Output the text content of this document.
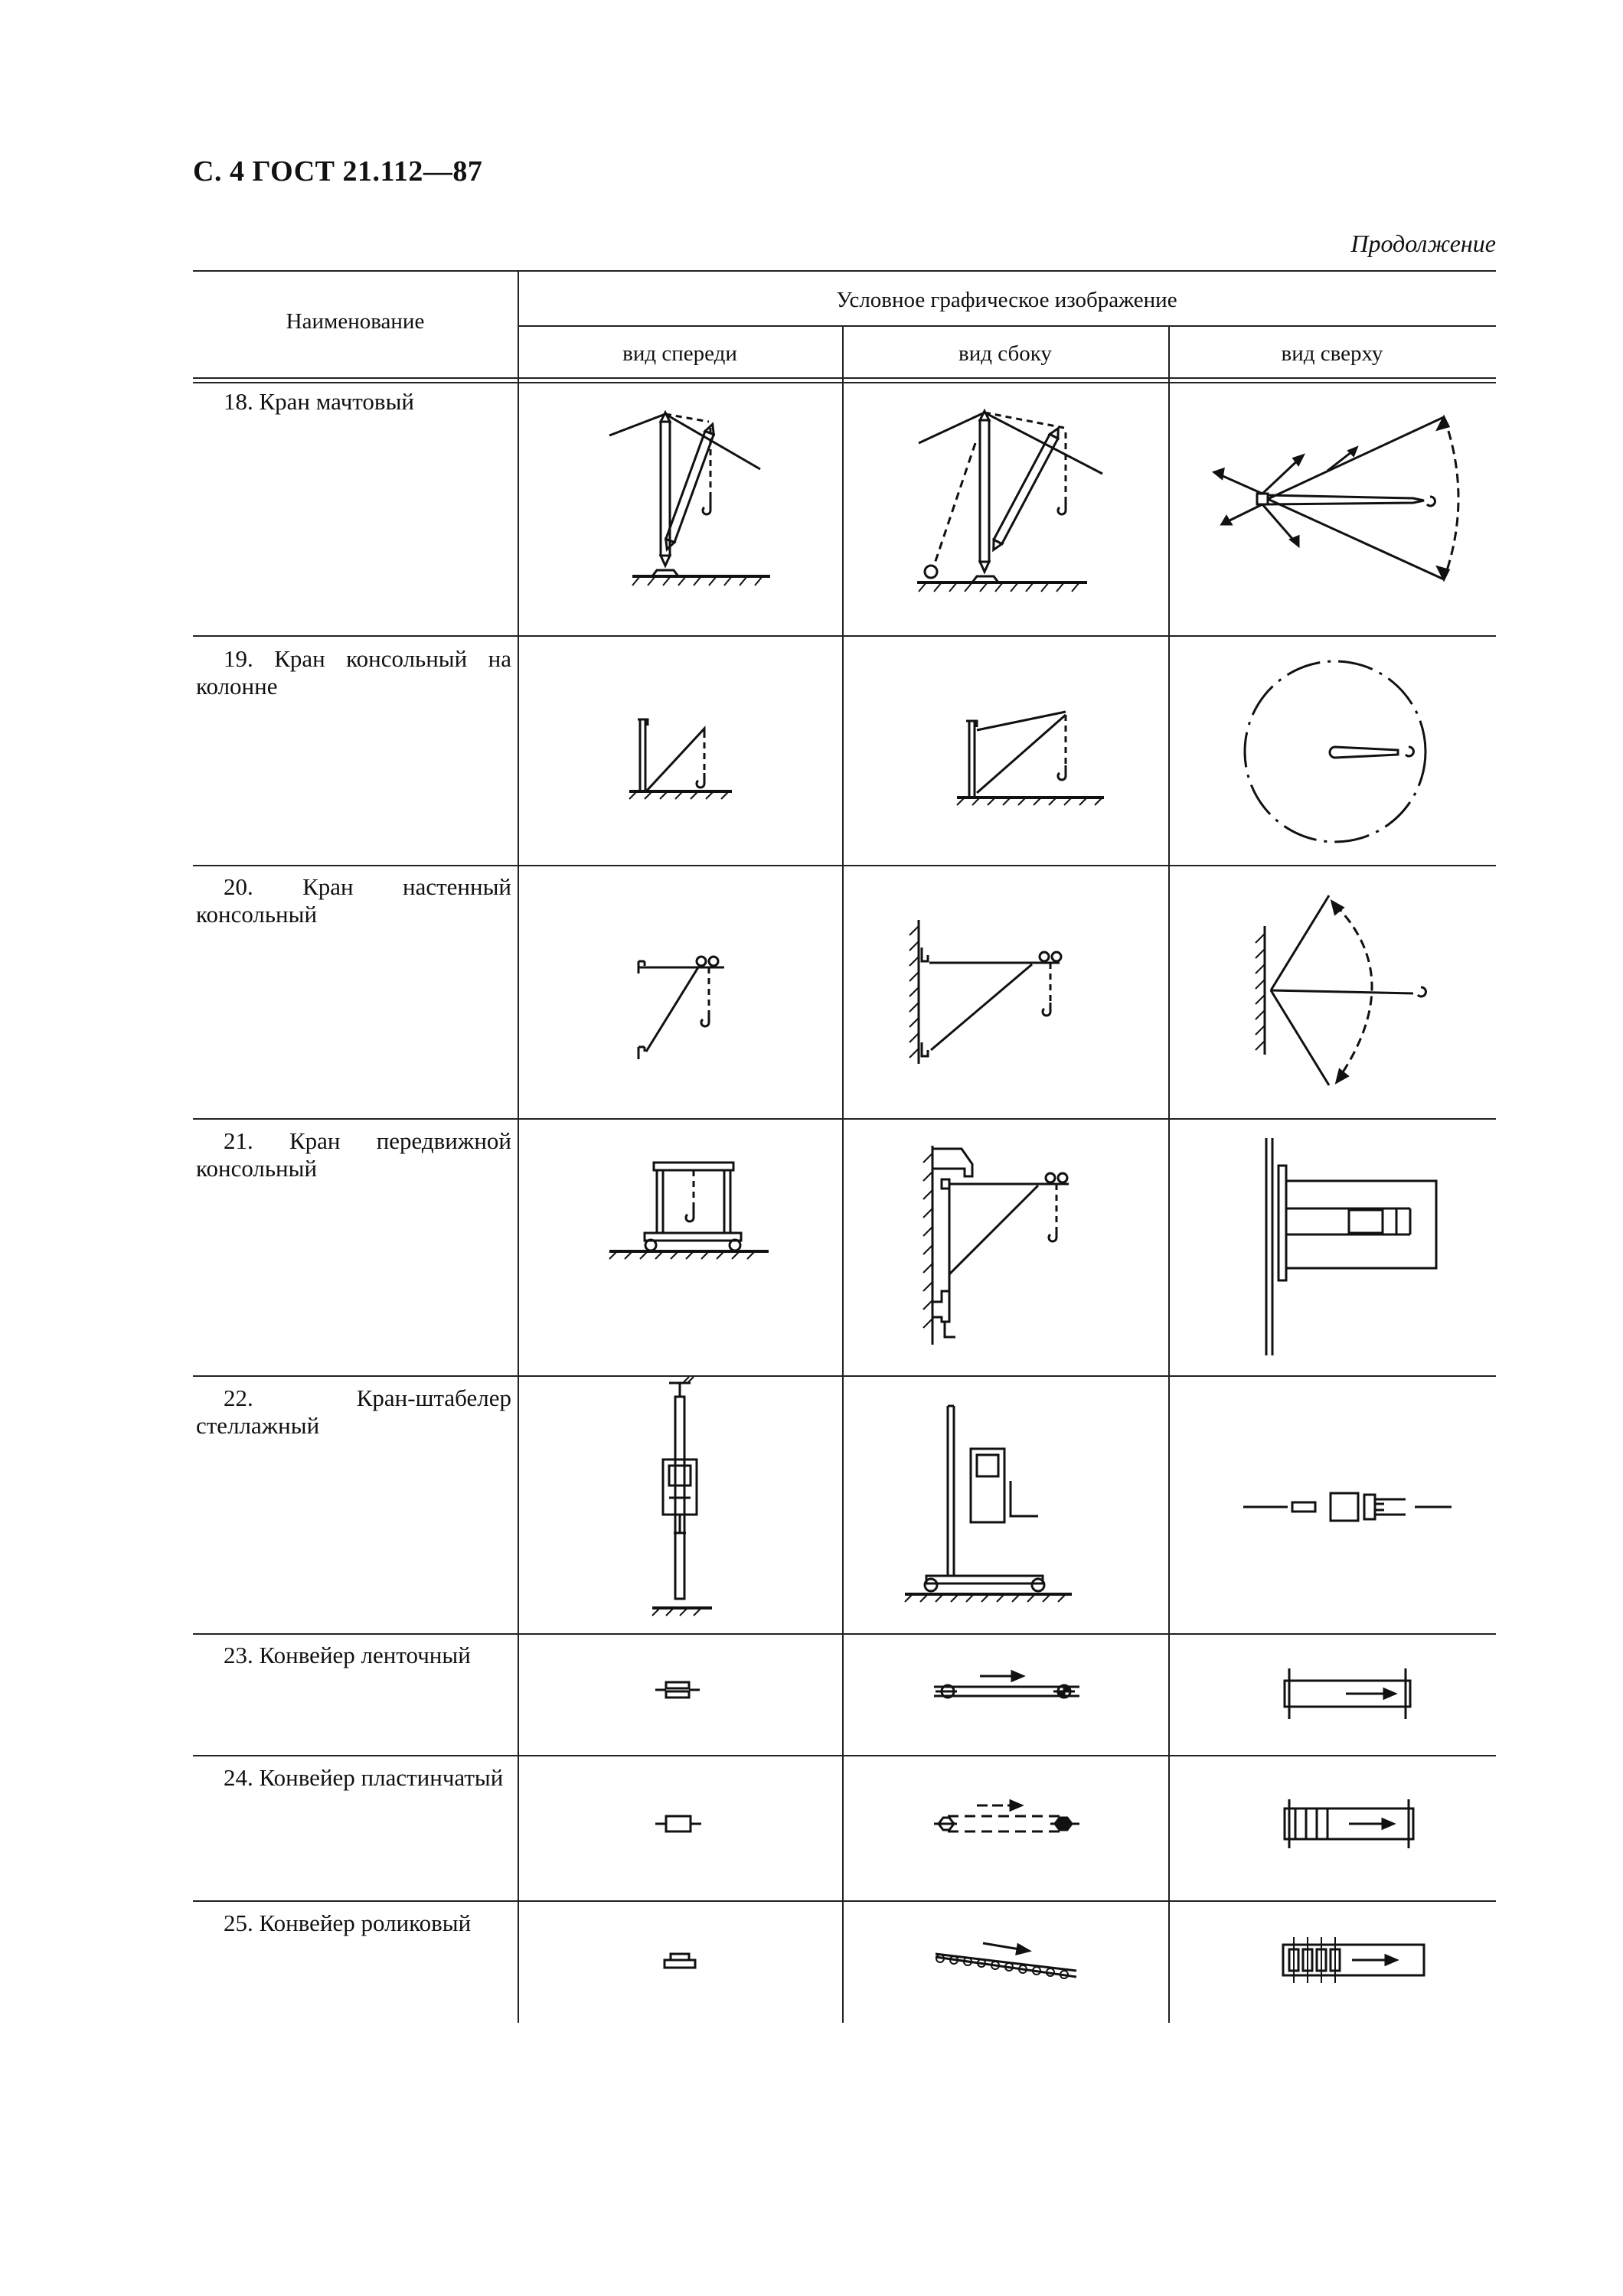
С. 4 ГОСТ 21.112—87
Продолжение
Наименование
Условное графическое изображение
вид спереди	вид сбоку	вид сверху
18. Кран мачтовый
19. Кран консольный на колонне
20. Кран настенный консольный
21. Кран передвижной консольный
22. Кран-штабелер стеллажный
23. Конвейер ленточный
24. Конвейер пластинчатый
25. Конвейер роликовый
